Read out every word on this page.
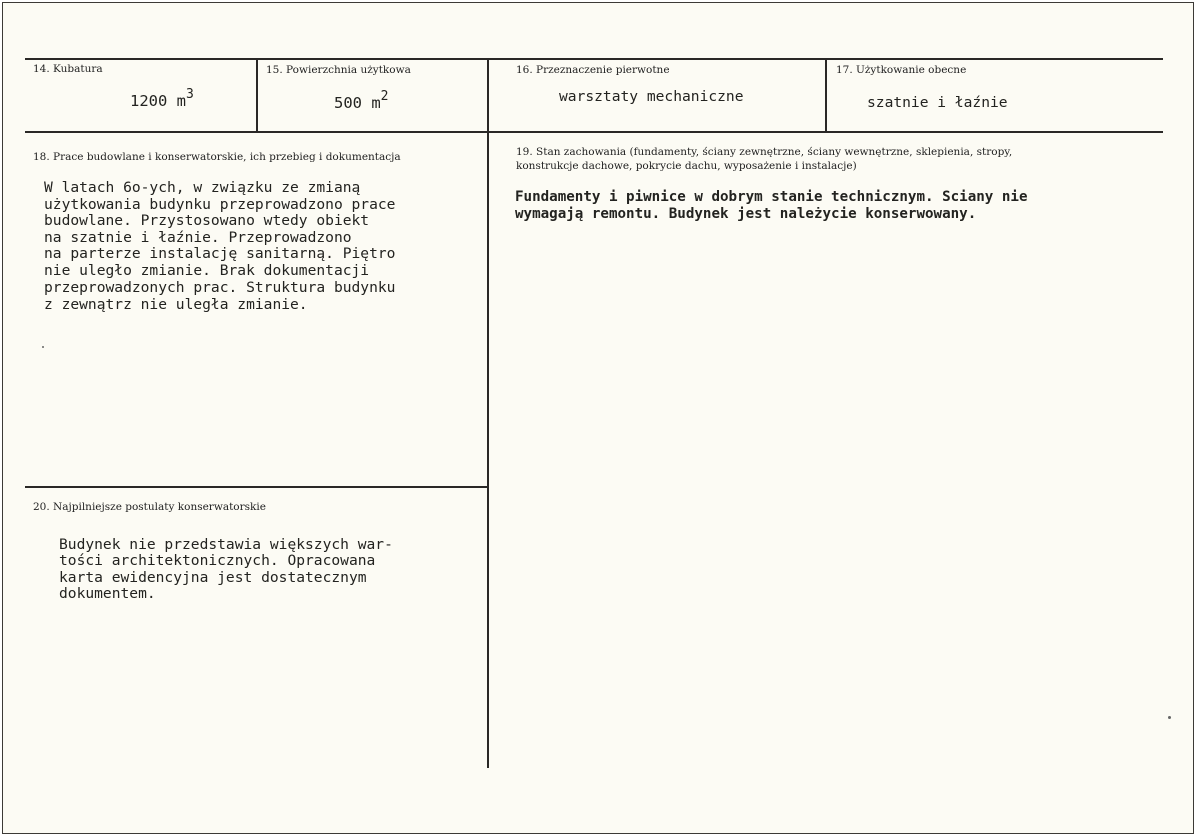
14. Kubatura
1200 $m^3$
15. Powierzchnia użytkowa
500 $m^2$
16. Przeznaczenie pierwotne
warsztaty mechaniczne
17. Użytkowanie obecne
szatnie i łaźnie
18. Prace budowlane i konserwatorskie, ich przebieg i dokumentacja
W latach 6o-ych, w związku ze zmianą
użytkowania budynku przeprowadzono prace
budowlane. Przystosowano wtedy obiekt
na szatnie i łaźnie. Przeprowadzono
na parterze instalację sanitarną. Piętro
nie uległo zmianie. Brak dokumentacji
przeprowadzonych prac. Struktura budynku
z zewnątrz nie uległa zmianie.
19. Stan zachowania (fundamenty, ściany zewnętrzne, ściany wewnętrzne, sklepienia, stropy,
konstrukcje dachowe, pokrycie dachu, wyposażenie i instalacje)
Fundamenty i piwnice w dobrym stanie technicznym. Sciany nie
wymagają remontu. Budynek jest należycie konserwowany.
20. Najpilniejsze postulaty konserwatorskie
Budynek nie przedstawia większych war-
tości architektonicznych. Opracowana
karta ewidencyjna jest dostatecznym
dokumentem.
